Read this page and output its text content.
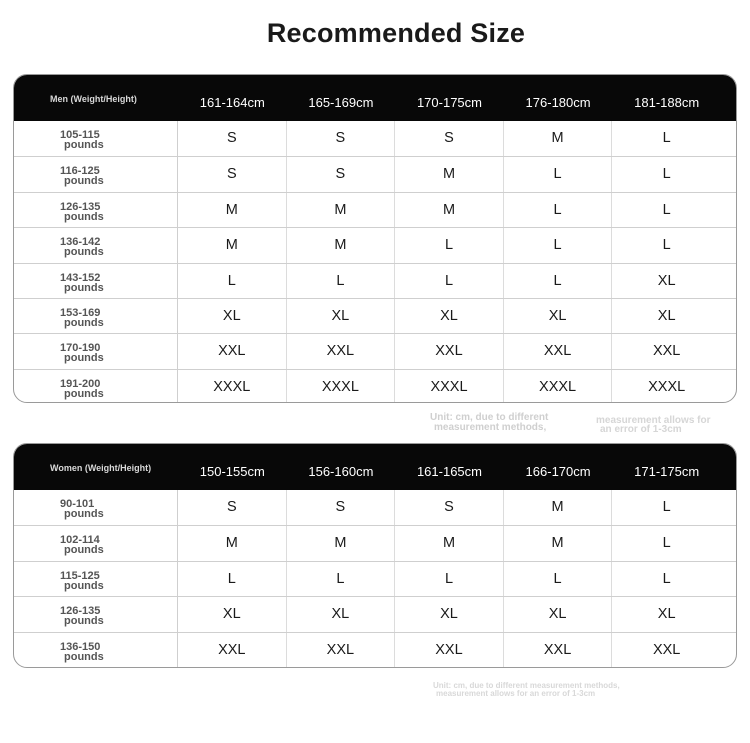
Recommended Size
Men (Weight/Height)	161-164cm	165-169cm	170-175cm	176-180cm	181-188cm
105-115
pounds	S	S	S	M	L
116-125
pounds	S	S	M	L	L
126-135
pounds	M	M	M	L	L
136-142
pounds	M	M	L	L	L
143-152
pounds	L	L	L	L	XL
153-169
pounds	XL	XL	XL	XL	XL
170-190
pounds	XXL	XXL	XXL	XXL	XXL
191-200
pounds	XXXL	XXXL	XXXL	XXXL	XXXL
Unit: cm, due to different
measurement methods,
measurement allows for
an error of 1-3cm
Women (Weight/Height)	150-155cm	156-160cm	161-165cm	166-170cm	171-175cm
90-101
pounds	S	S	S	M	L
102-114
pounds	M	M	M	M	L
115-125
pounds	L	L	L	L	L
126-135
pounds	XL	XL	XL	XL	XL
136-150
pounds	XXL	XXL	XXL	XXL	XXL
Unit: cm, due to different measurement methods,
measurement allows for an error of 1-3cm
